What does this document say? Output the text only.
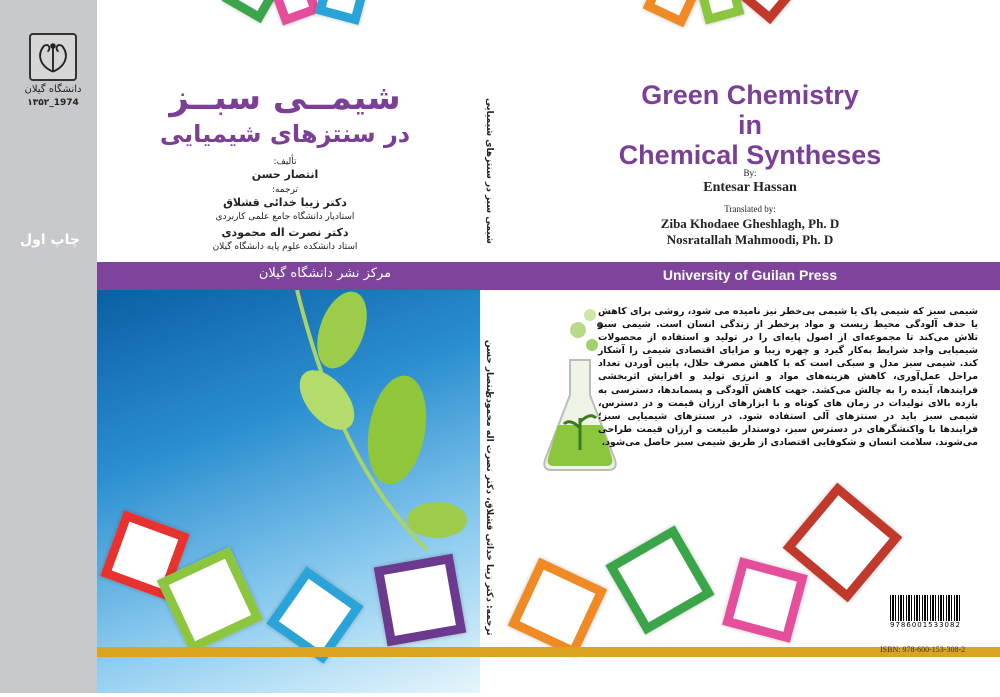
دانشگاه گیلان
۱۳۵۲_1974
چاپ اول
شیمــی سبــز
در سنتزهای شیمیایی
تألیف:
انتصار حسن
ترجمه:
دکتر زیبا خدائی قشلاق
استادیار دانشگاه جامع علمی کاربردی
دکتر نصرت اله محمودی
استاد دانشکده علوم پایه دانشگاه گیلان
شیمی سبز در سنتزهای شیمیایی
انتصار حسن
ترجمه: دکتر زیبا خدائی قشلاق، دکتر نصرت اله محمودی
Green Chemistry
in
Chemical Syntheses
By:
Entesar Hassan
Translated by:
Ziba Khodaee Gheshlagh, Ph. D
Nosratallah Mahmoodi, Ph. D
مرکز نشر دانشگاه گیلان	University of Guilan Press
شیمی سبز که شیمی پاک یا شیمی بی‌خطر نیز نامیده می شود، روشی برای کاهش یا حذف آلودگی محیط زیست و مواد پرخطر از زندگی انسان است. شیمی سبز تلاش می‌کند تا مجموعه‌ای از اصول پایه‌ای را در تولید و استفاده از محصولات شیمیایی واجد شرایط به‌کار گیرد و چهره زیبا و مزایای اقتصادی شیمی را آشکار کند. شیمی سبز مدل و سبکی است که با کاهش مصرف حلال، پایین آوردن تعداد مراحل عمل‌آوری، کاهش هزینه‌های مواد و انرژی تولید و افزایش اثربخشی فرایندها، آینده را به چالش می‌کشد. جهت کاهش آلودگی و پسماندها، دسترسی به بازده بالای تولیدات در زمان های کوتاه و با ابزارهای ارزان قیمت و در دسترس، شیمی سبز باید در سنتزهای آلی استفاده شود. در سنتزهای شیمیایی سبز؛ فرایندها با واکنشگرهای در دسترس سبز، دوستدار طبیعت و ارزان قیمت طراحی می‌شوند. سلامت انسان و شکوفایی اقتصادی از طریق شیمی سبز حاصل می‌شود.
9786001533082
ISBN: 978-600-153-308-2
